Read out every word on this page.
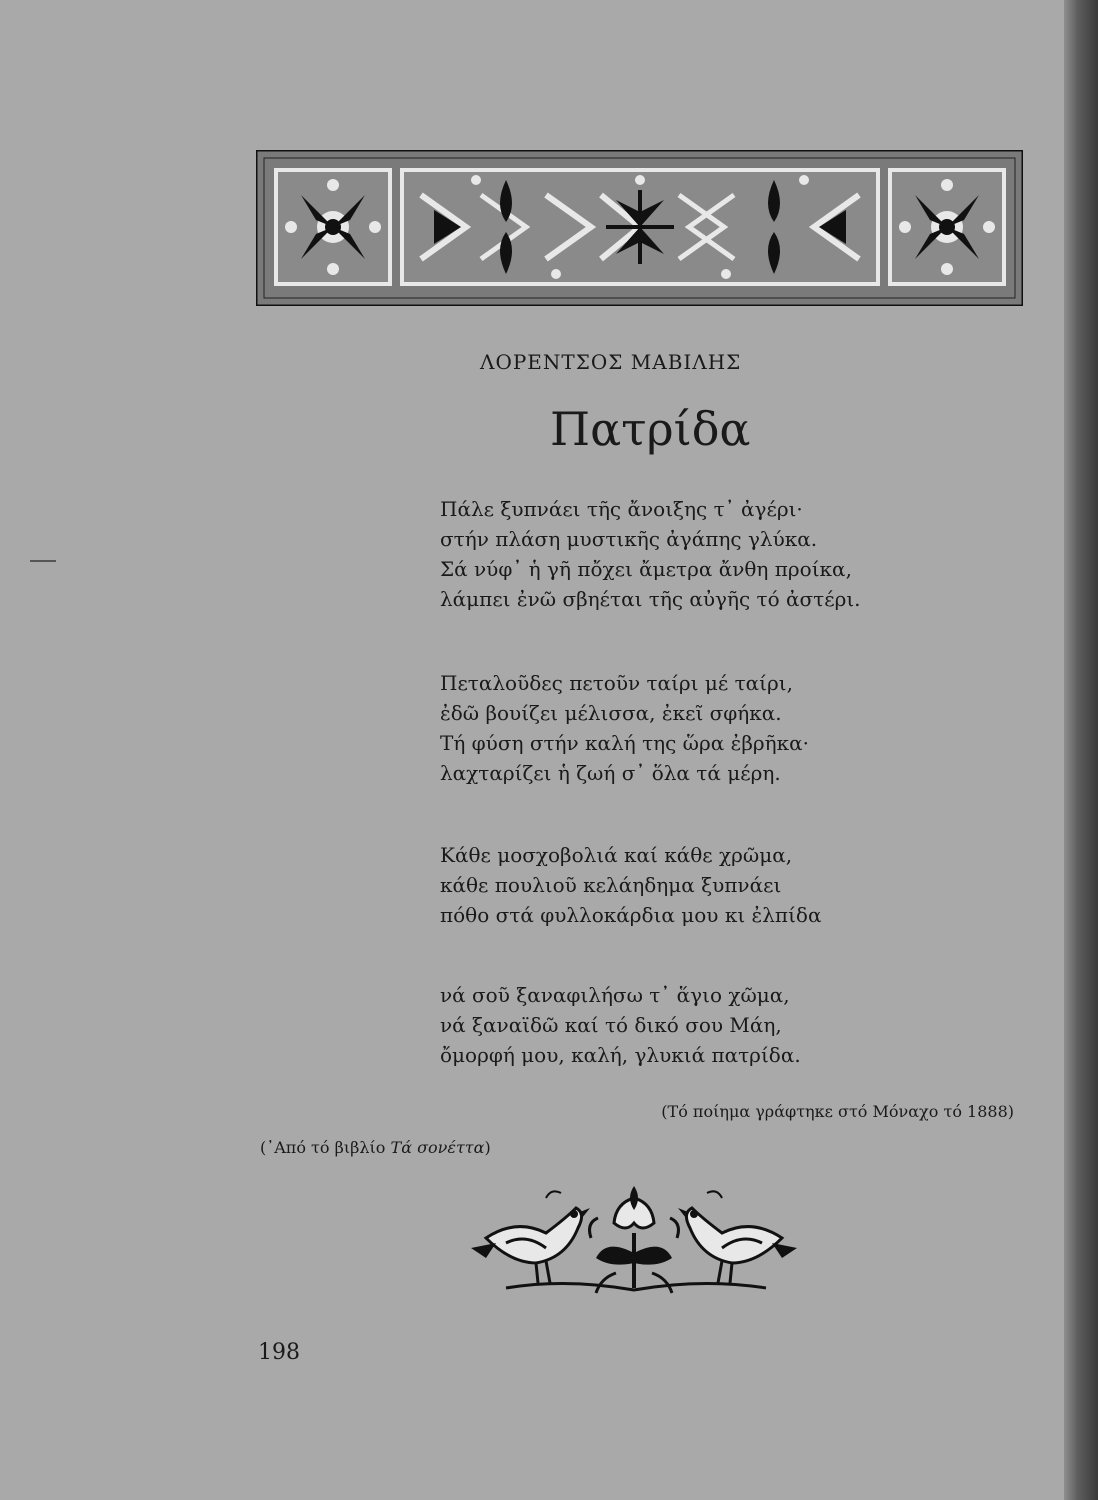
ΛΟΡΕΝΤΣΟΣ ΜΑΒΙΛΗΣ
Πατρίδα
Πάλε ξυπνάει τῆς ἄνοιξης τ᾽ ἀγέρι·
στήν πλάση μυστικῆς ἀγάπης γλύκα.
Σά νύφ᾽ ἡ γῆ πὄχει ἄμετρα ἄνθη προίκα,
λάμπει ἐνῶ σβηέται τῆς αὐγῆς τό ἀστέρι.
Πεταλοῦδες πετοῦν ταίρι μέ ταίρι,
ἐδῶ βουίζει μέλισσα, ἐκεῖ σφήκα.
Τή φύση στήν καλή της ὥρα ἐβρῆκα·
λαχταρίζει ἡ ζωή σ᾽ ὅλα τά μέρη.
Κάθε μοσχοβολιά καί κάθε χρῶμα,
κάθε πουλιοῦ κελάηδημα ξυπνάει
πόθο στά φυλλοκάρδια μου κι ἐλπίδα
νά σοῦ ξαναφιλήσω τ᾽ ἅγιο χῶμα,
νά ξαναϊδῶ καί τό δικό σου Μάη,
ὄμορφή μου, καλή, γλυκιά πατρίδα.
(Τό ποίημα γράφτηκε στό Μόναχο τό 1888)
(᾽Από τό βιβλίο Τά σονέττα)
198
